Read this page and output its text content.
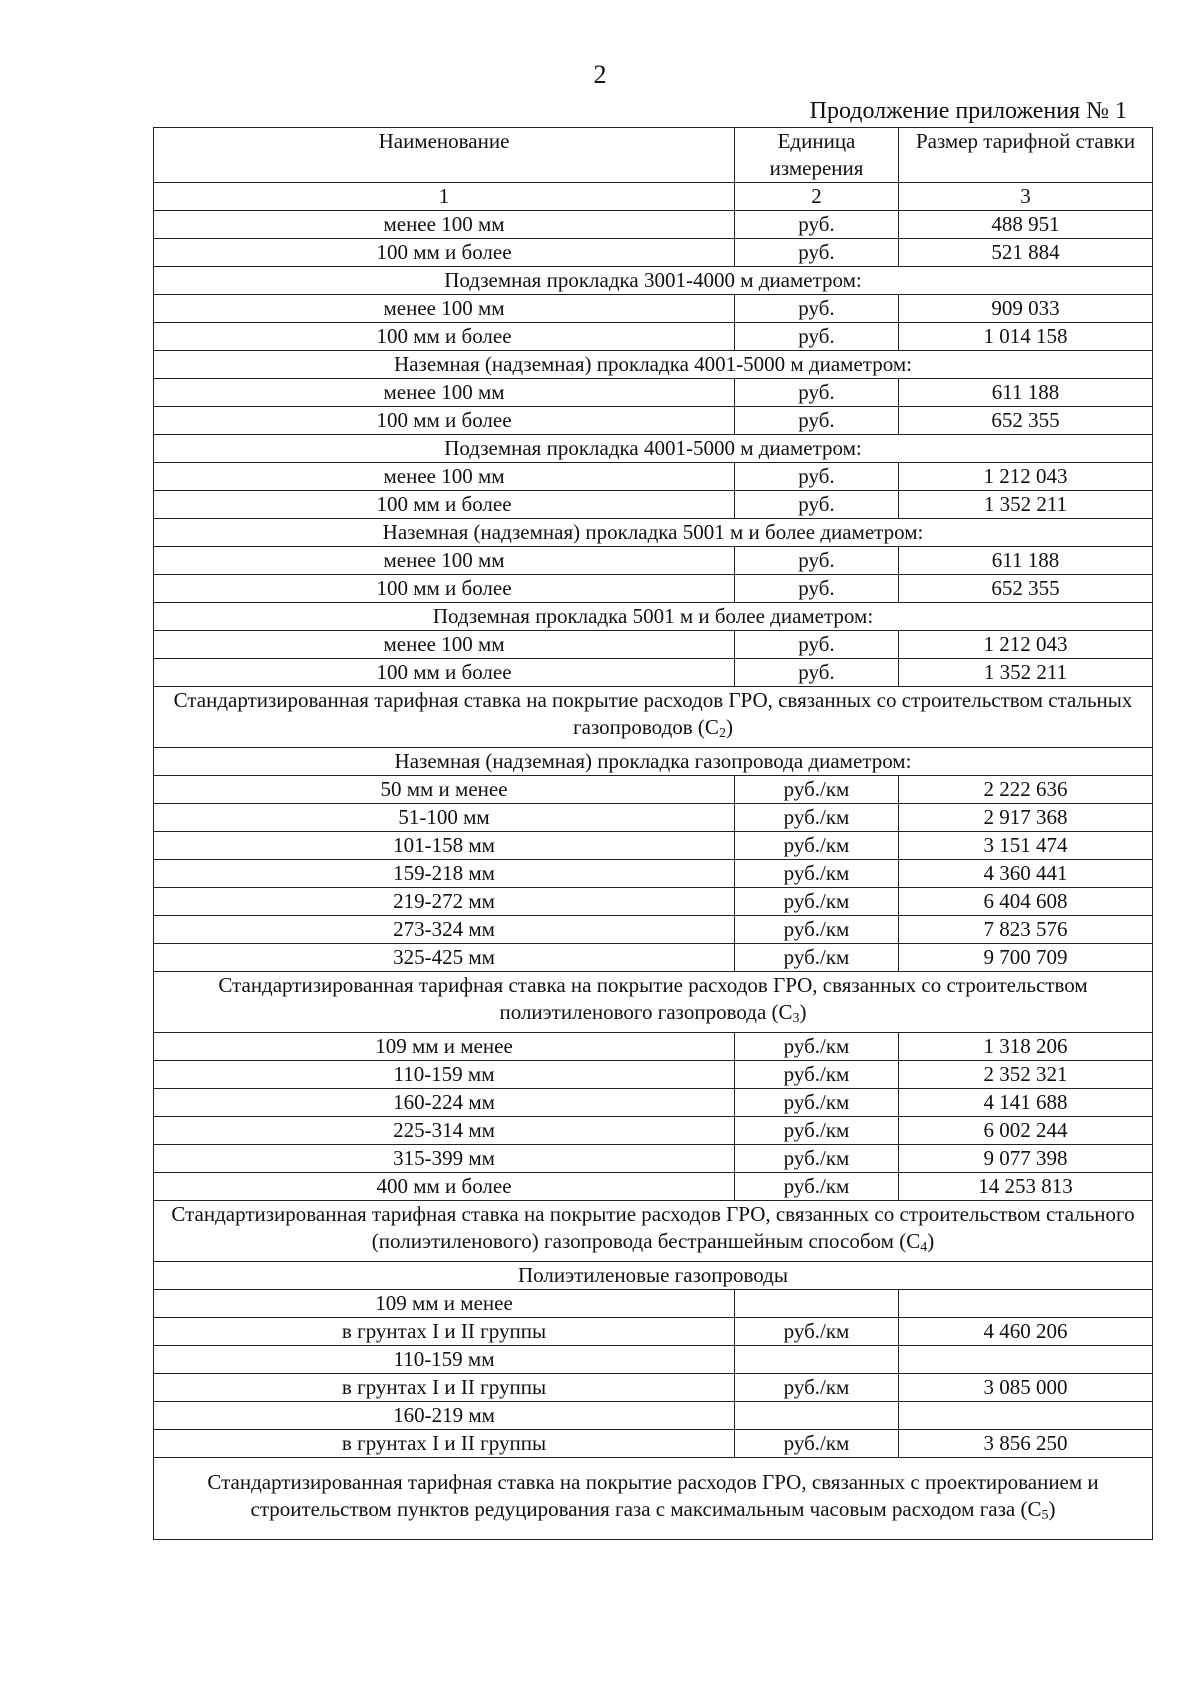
2
Продолжение приложения № 1
Наименование	Единица измерения	Размер тарифной ставки
1	2	3
менее 100 мм	руб.	488 951
100 мм и более	руб.	521 884
Подземная прокладка 3001-4000 м диаметром:		
менее 100 мм	руб.	909 033
100 мм и более	руб.	1 014 158
Наземная (надземная) прокладка 4001-5000 м диаметром:		
менее 100 мм	руб.	611 188
100 мм и более	руб.	652 355
Подземная прокладка 4001-5000 м диаметром:		
менее 100 мм	руб.	1 212 043
100 мм и более	руб.	1 352 211
Наземная (надземная) прокладка 5001 м и более диаметром:		
менее 100 мм	руб.	611 188
100 мм и более	руб.	652 355
Подземная прокладка 5001 м и более диаметром:		
менее 100 мм	руб.	1 212 043
100 мм и более	руб.	1 352 211
Стандартизированная тарифная ставка на покрытие расходов ГРО, связанных со строительством стальных газопроводов $(С_2)$		
Наземная (надземная) прокладка газопровода диаметром:		
50 мм и менее	руб./км	2 222 636
51-100 мм	руб./км	2 917 368
101-158 мм	руб./км	3 151 474
159-218 мм	руб./км	4 360 441
219-272 мм	руб./км	6 404 608
273-324 мм	руб./км	7 823 576
325-425 мм	руб./км	9 700 709
Стандартизированная тарифная ставка на покрытие расходов ГРО, связанных со строительством полиэтиленового газопровода $(С_3)$		
109 мм и менее	руб./км	1 318 206
110-159 мм	руб./км	2 352 321
160-224 мм	руб./км	4 141 688
225-314 мм	руб./км	6 002 244
315-399 мм	руб./км	9 077 398
400 мм и более	руб./км	14 253 813
Стандартизированная тарифная ставка на покрытие расходов ГРО, связанных со строительством стального (полиэтиленового) газопровода бестраншейным способом $(С_4)$		
Полиэтиленовые газопроводы		
109 мм и менее		
в грунтах I и II группы	руб./км	4 460 206
110-159 мм		
в грунтах I и II группы	руб./км	3 085 000
160-219 мм		
в грунтах I и II группы	руб./км	3 856 250
Стандартизированная тарифная ставка на покрытие расходов ГРО, связанных с проектированием и строительством пунктов редуцирования газа с максимальным часовым расходом газа $(С_5)$		
